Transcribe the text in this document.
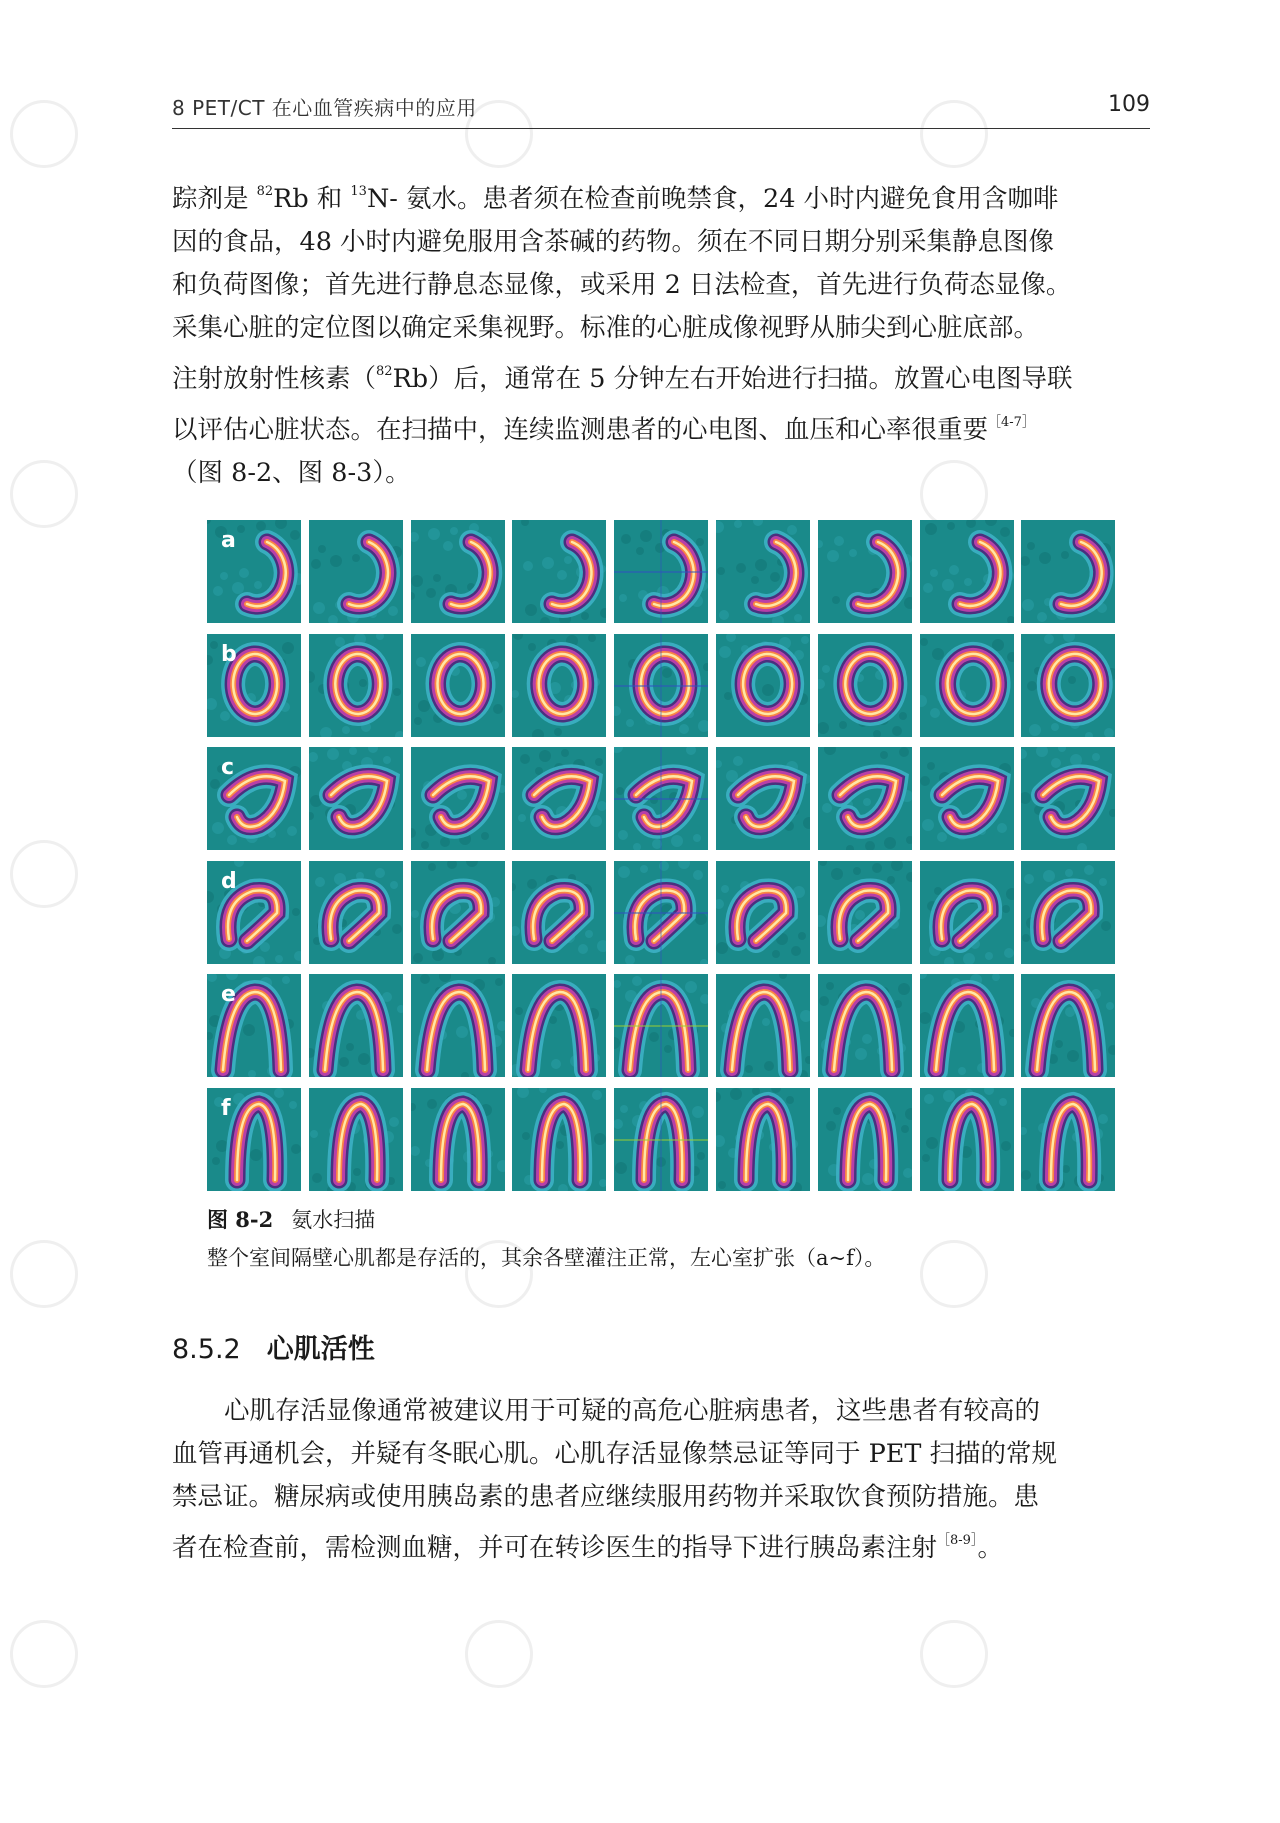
8 PET/CT 在心血管疾病中的应用	109
踪剂是 $^{82}$Rb 和 $^{13}$N- 氨水。患者须在检查前晚禁食，24 小时内避免食用含咖啡
因的食品，48 小时内避免服用含茶碱的药物。须在不同日期分别采集静息图像
和负荷图像；首先进行静息态显像，或采用 2 日法检查，首先进行负荷态显像。
采集心脏的定位图以确定采集视野。标准的心脏成像视野从肺尖到心脏底部。
注射放射性核素（$^{82}$Rb）后，通常在 5 分钟左右开始进行扫描。放置心电图导联
以评估心脏状态。在扫描中，连续监测患者的心电图、血压和心率很重要$^{[4-7]}$
（图 8-2、图 8-3）。
a
b
c
d
e
f
图 8-2 氨水扫描
整个室间隔壁心肌都是存活的，其余各壁灌注正常，左心室扩张（a~f）。
8.5.2 心肌活性
心肌存活显像通常被建议用于可疑的高危心脏病患者，这些患者有较高的
血管再通机会，并疑有冬眠心肌。心肌存活显像禁忌证等同于 PET 扫描的常规
禁忌证。糖尿病或使用胰岛素的患者应继续服用药物并采取饮食预防措施。患
者在检查前，需检测血糖，并可在转诊医生的指导下进行胰岛素注射$^{[8-9]}$。
